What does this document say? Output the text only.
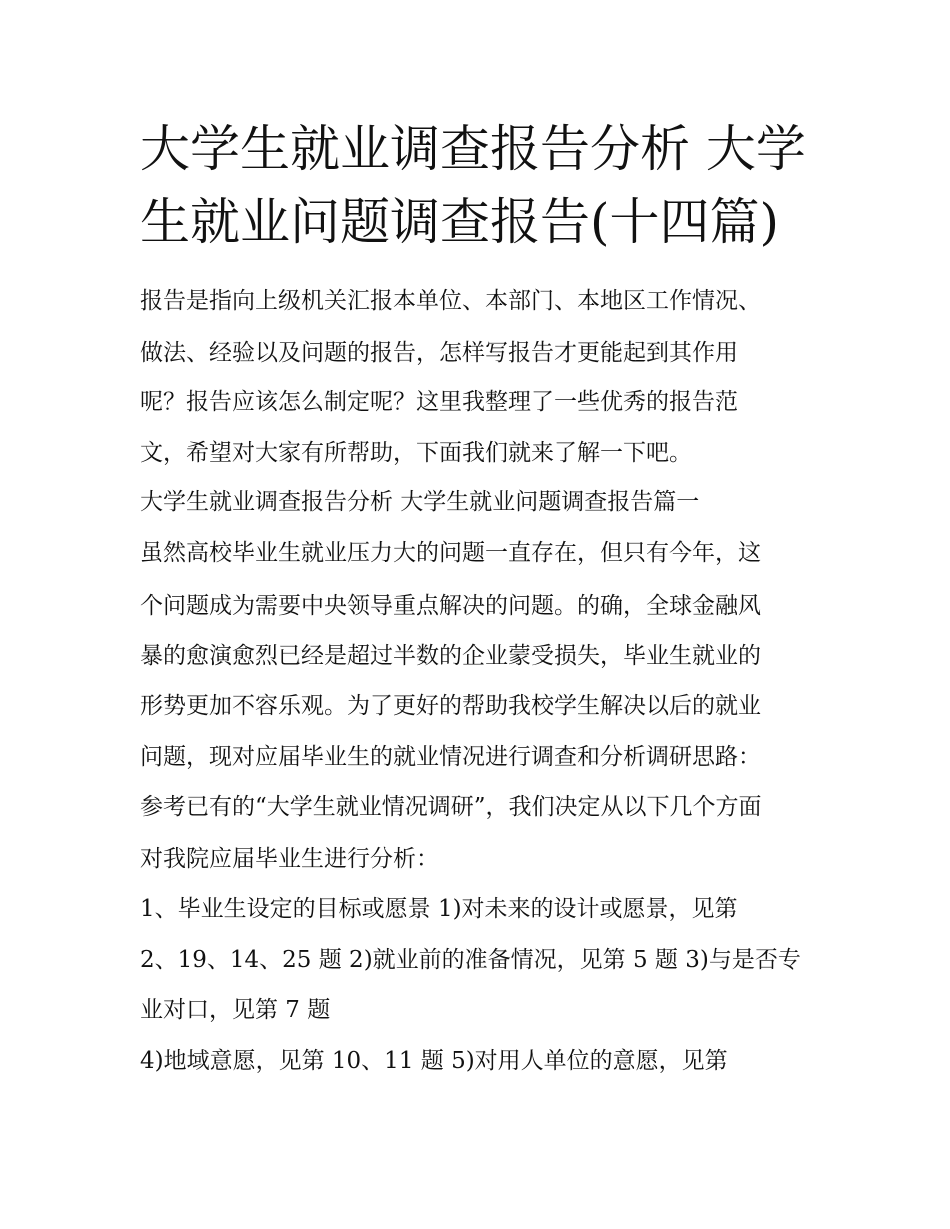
大学生就业调查报告分析 大学
生就业问题调查报告(十四篇)

报告是指向上级机关汇报本单位、本部门、本地区工作情况、

做法、经验以及问题的报告，怎样写报告才更能起到其作用

呢？报告应该怎么制定呢？这里我整理了一些优秀的报告范

文，希望对大家有所帮助，下面我们就来了解一下吧。

大学生就业调查报告分析 大学生就业问题调查报告篇一

虽然高校毕业生就业压力大的问题一直存在，但只有今年，这

个问题成为需要中央领导重点解决的问题。的确，全球金融风

暴的愈演愈烈已经是超过半数的企业蒙受损失，毕业生就业的

形势更加不容乐观。为了更好的帮助我校学生解决以后的就业

问题，现对应届毕业生的就业情况进行调查和分析调研思路：

参考已有的“大学生就业情况调研”，我们决定从以下几个方面

对我院应届毕业生进行分析：

1、毕业生设定的目标或愿景 1)对未来的设计或愿景，见第

2、19、14、25 题 2)就业前的准备情况，见第 5 题 3)与是否专

业对口，见第 7 题

4)地域意愿，见第 10、11 题 5)对用人单位的意愿，见第
